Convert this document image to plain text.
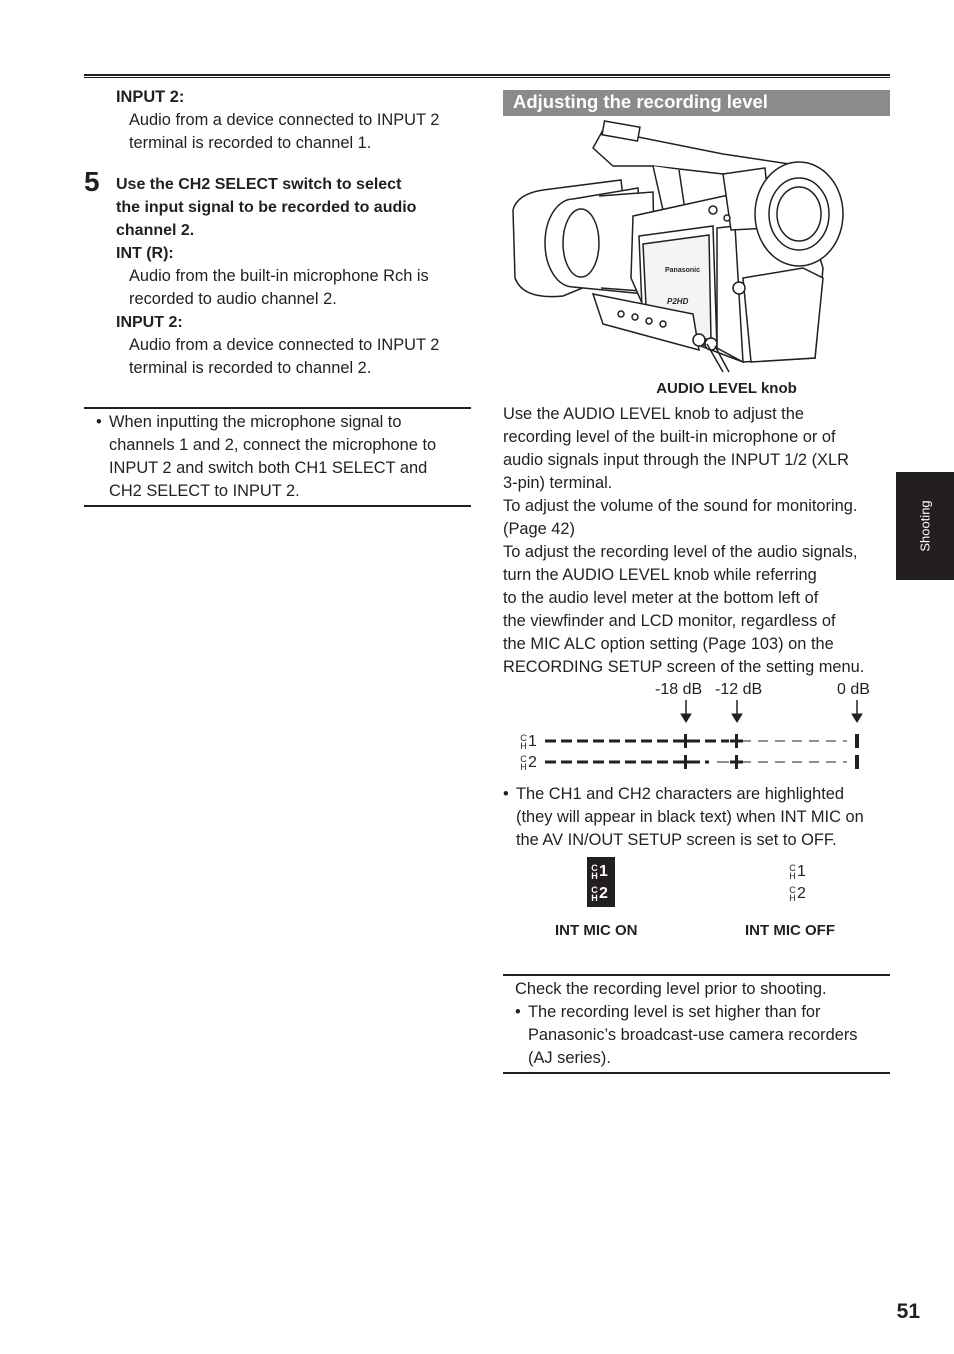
INPUT 2:
Audio from a device connected to INPUT 2
terminal is recorded to channel 1.
5 Use the CH2 SELECT switch to select
the input signal to be recorded to audio
channel 2.
INT (R):
Audio from the built-in microphone Rch is
recorded to audio channel 2.
INPUT 2:
Audio from a device connected to INPUT 2
terminal is recorded to channel 2.
• When inputting the microphone signal to
channels 1 and 2, connect the microphone to
INPUT 2 and switch both CH1 SELECT and
CH2 SELECT to INPUT 2.
Adjusting the recording level
Panasonic
P2HD
AUDIO LEVEL knob
Use the AUDIO LEVEL knob to adjust the
recording level of the built-in microphone or of
audio signals input through the INPUT 1/2 (XLR
3-pin) terminal.
To adjust the volume of the sound for monitoring.
(Page 42)
To adjust the recording level of the audio signals,
turn the AUDIO LEVEL knob while referring
to the audio level meter at the bottom left of
the viewfinder and LCD monitor, regardless of
the MIC ALC option setting (Page 103) on the
RECORDING SETUP screen of the setting menu.
-18 dB -12 dB	0 dB
C
H 1
C
H 2
• The CH1 and CH2 characters are highlighted
(they will appear in black text) when INT MIC on
the AV IN/OUT SETUP screen is set to OFF.
C
H 1
C
H 2
C
H 1
C
H 2
INT MIC ON	INT MIC OFF
Check the recording level prior to shooting.
• The recording level is set higher than for
Panasonic’s broadcast-use camera recorders
(AJ series).
Shooting
51
